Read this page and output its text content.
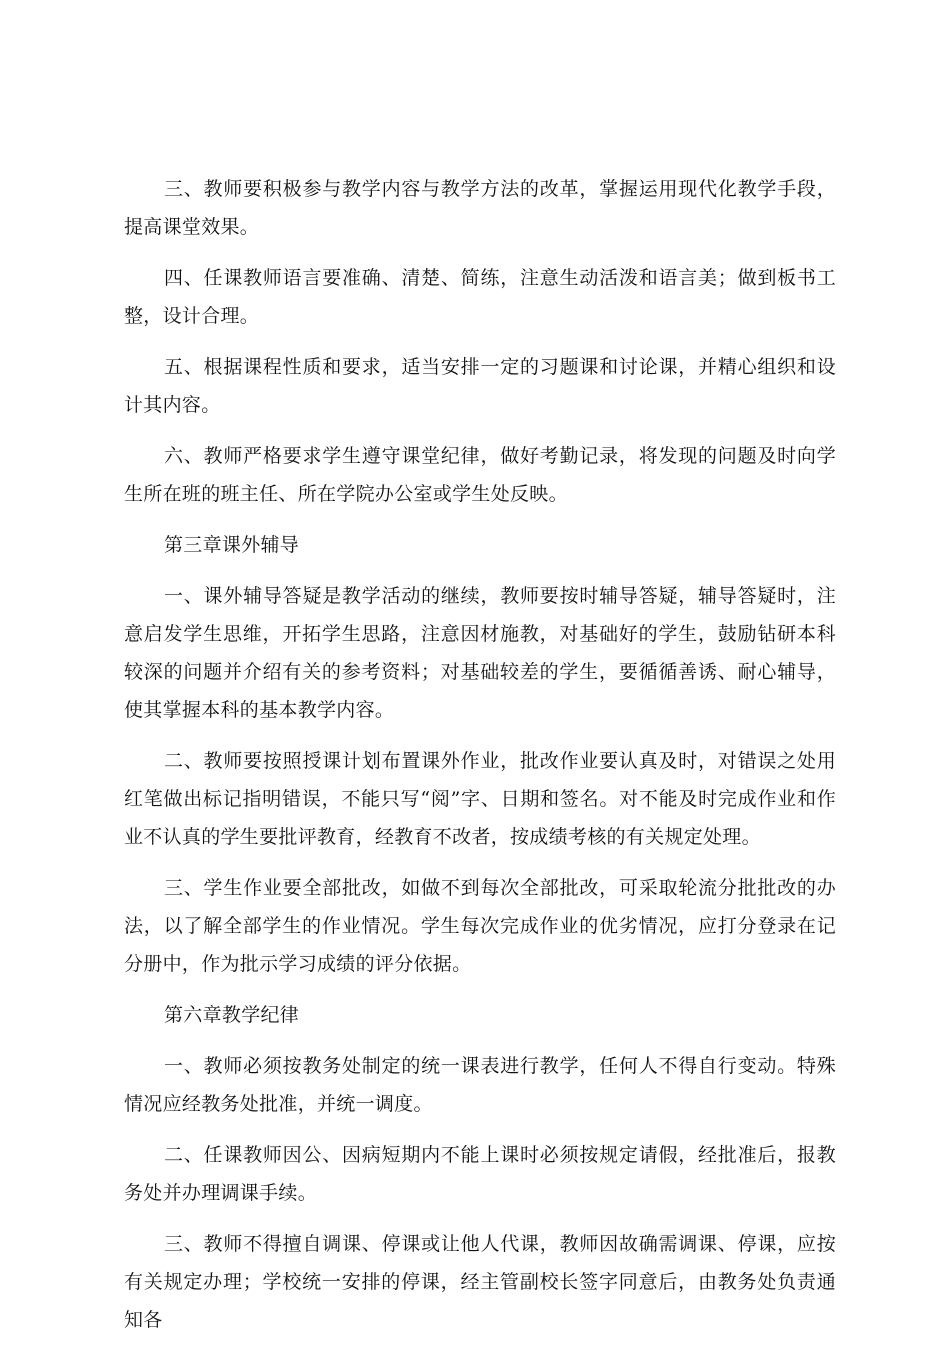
三、教师要积极参与教学内容与教学方法的改革，掌握运用现代化教学手段，提高课堂效果。

四、任课教师语言要准确、清楚、简练，注意生动活泼和语言美；做到板书工整，设计合理。

五、根据课程性质和要求，适当安排一定的习题课和讨论课，并精心组织和设计其内容。

六、教师严格要求学生遵守课堂纪律，做好考勤记录，将发现的问题及时向学生所在班的班主任、所在学院办公室或学生处反映。

第三章课外辅导

一、课外辅导答疑是教学活动的继续，教师要按时辅导答疑，辅导答疑时，注意启发学生思维，开拓学生思路，注意因材施教，对基础好的学生，鼓励钻研本科较深的问题并介绍有关的参考资料；对基础较差的学生，要循循善诱、耐心辅导，使其掌握本科的基本教学内容。

二、教师要按照授课计划布置课外作业，批改作业要认真及时，对错误之处用红笔做出标记指明错误，不能只写“阅”字、日期和签名。对不能及时完成作业和作业不认真的学生要批评教育，经教育不改者，按成绩考核的有关规定处理。

三、学生作业要全部批改，如做不到每次全部批改，可采取轮流分批批改的办法，以了解全部学生的作业情况。学生每次完成作业的优劣情况，应打分登录在记分册中，作为批示学习成绩的评分依据。

第六章教学纪律

一、教师必须按教务处制定的统一课表进行教学，任何人不得自行变动。特殊情况应经教务处批准，并统一调度。

二、任课教师因公、因病短期内不能上课时必须按规定请假，经批准后，报教务处并办理调课手续。

三、教师不得擅自调课、停课或让他人代课，教师因故确需调课、停课，应按有关规定办理；学校统一安排的停课，经主管副校长签字同意后，由教务处负责通知各
